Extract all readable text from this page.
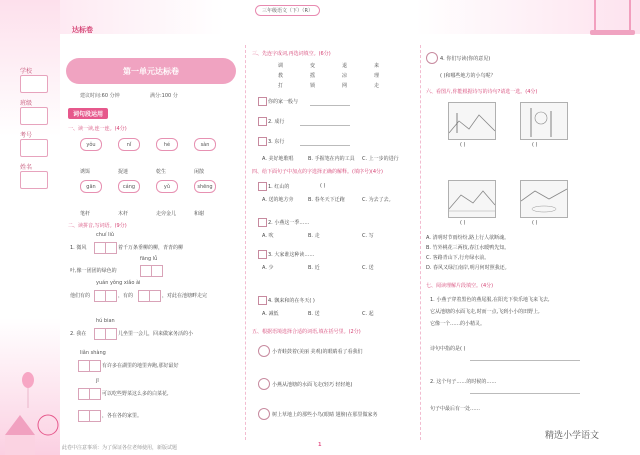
达标卷
三年级语文（下）（R）
学校
班级
考号
姓名
第一单元达标卷
建议时间:60 分钟	满分:100 分
词句段运用
一、读一读,连一连。(4分)
yǒu	nǐ	hé	sàn
诱饵	捉迷	乾生	闲散
gān	cáng	yǔ	shēng
笔杆	木杆	走旁金儿	和谢
二、读拼音,写词语。(9分)
chuí liǔ
1. 微风	着千万条垂柳的柳，青青的柳
fāng lǚ
叶,像一团团的绿色的
yuán yǒng xiǎo ài
他们有的	，有的	，对此在池塘畔走完
hú bian
2. 我在	儿坐里一会儿，回来做家务活的小
liǎn shàng
有许多在湖里的地里奔跑,那好最好
jī
可以吃些野菜这么多的白菜花,
，各在各的家里。
三、先连字成词,再选词填空。(6分)
调	变	退	来
教	摇	凉	理
打	锁	网	走
你的家一般与
2. 成行
3. 东行
A. 美好地歌唱	B. 手握笔在内的工具 C. 上一步的进行
四、给下面句子中加点的字选择正确的解释。(填序号)(4分)
1. 红山的	( )
A. 送的地方旁	B. 春冬天下迁跑	C. 为去了去。
2. 小燕这一季……
A. 吹	B. 走	C. 写
3. 大家谁这种读……
A. 少	B. 近	C. 送
4. 飘来和的在冬天( )
A. 减低	B. 送	C. 起
五、根据语境选择合适的词语,填在括号里。(2分)
小青蛙鼓着(美丽 美观)的眼睛看了看我们
小燕从池塘的水面飞走(轻巧 轻轻地)
树上草地上的那些小鸟(眼睛 翅膀)在那里做家务
4. 你们写读(你的意见)
( )和哪些地方的小鸟呢？
六、看图片,你能根据诗写的诗句?请选一选。(4分)
( )	( )
( )	( )
A. 清明时节雨纷纷,路上行人欲断魂。
B. 竹外桃花三两枝,春江水暖鸭先知。
C. 客路青山下,行舟绿水前。
D. 春风又绿江南岸,明月何时照我还。
七、阅读理解片段填空。(4分)
1. 小燕子穿着黑色的燕尾服,在阳光下快乐地飞来飞去,
它从池塘的水面飞走,时而一点,飞到小小的田野上,
它像一个……的小精灵。
诗句中指的是( )
2. 这个句子……的时候的……
句子中最后有一处……
此卷中注意事项：为了保证各位老师使用，新版试题	1
精选小学语文
